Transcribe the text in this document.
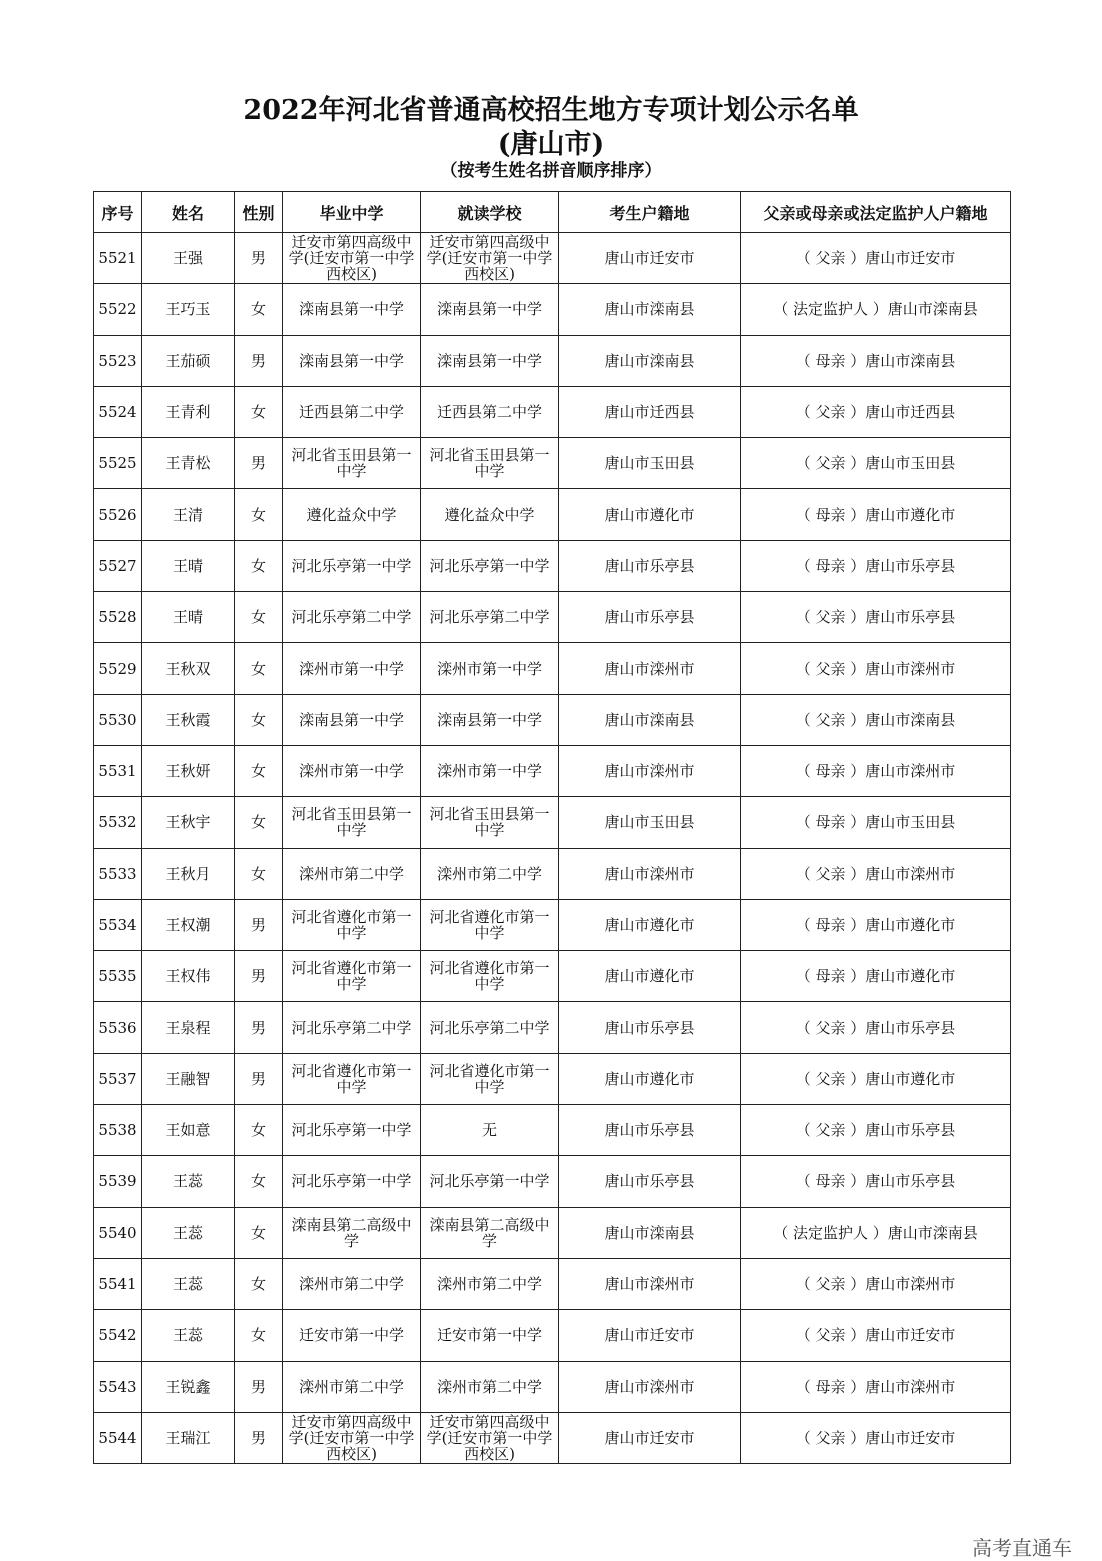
2022年河北省普通高校招生地方专项计划公示名单
(唐山市)
（按考生姓名拼音顺序排序）
序号	姓名	性别	毕业中学	就读学校	考生户籍地	父亲或母亲或法定监护人户籍地
5521	王强	男	迁安市第四高级中学(迁安市第一中学西校区)	迁安市第四高级中学(迁安市第一中学西校区)	唐山市迁安市	（ 父亲 ）唐山市迁安市
5522	王巧玉	女	滦南县第一中学	滦南县第一中学	唐山市滦南县	（ 法定监护人 ）唐山市滦南县
5523	王茄硕	男	滦南县第一中学	滦南县第一中学	唐山市滦南县	（ 母亲 ）唐山市滦南县
5524	王青利	女	迁西县第二中学	迁西县第二中学	唐山市迁西县	（ 父亲 ）唐山市迁西县
5525	王青松	男	河北省玉田县第一中学	河北省玉田县第一中学	唐山市玉田县	（ 父亲 ）唐山市玉田县
5526	王清	女	遵化益众中学	遵化益众中学	唐山市遵化市	（ 母亲 ）唐山市遵化市
5527	王晴	女	河北乐亭第一中学	河北乐亭第一中学	唐山市乐亭县	（ 母亲 ）唐山市乐亭县
5528	王晴	女	河北乐亭第二中学	河北乐亭第二中学	唐山市乐亭县	（ 父亲 ）唐山市乐亭县
5529	王秋双	女	滦州市第一中学	滦州市第一中学	唐山市滦州市	（ 父亲 ）唐山市滦州市
5530	王秋霞	女	滦南县第一中学	滦南县第一中学	唐山市滦南县	（ 父亲 ）唐山市滦南县
5531	王秋妍	女	滦州市第一中学	滦州市第一中学	唐山市滦州市	（ 母亲 ）唐山市滦州市
5532	王秋宇	女	河北省玉田县第一中学	河北省玉田县第一中学	唐山市玉田县	（ 母亲 ）唐山市玉田县
5533	王秋月	女	滦州市第二中学	滦州市第二中学	唐山市滦州市	（ 父亲 ）唐山市滦州市
5534	王权潮	男	河北省遵化市第一中学	河北省遵化市第一中学	唐山市遵化市	（ 母亲 ）唐山市遵化市
5535	王权伟	男	河北省遵化市第一中学	河北省遵化市第一中学	唐山市遵化市	（ 母亲 ）唐山市遵化市
5536	王泉程	男	河北乐亭第二中学	河北乐亭第二中学	唐山市乐亭县	（ 父亲 ）唐山市乐亭县
5537	王融智	男	河北省遵化市第一中学	河北省遵化市第一中学	唐山市遵化市	（ 父亲 ）唐山市遵化市
5538	王如意	女	河北乐亭第一中学	无	唐山市乐亭县	（ 父亲 ）唐山市乐亭县
5539	王蕊	女	河北乐亭第一中学	河北乐亭第一中学	唐山市乐亭县	（ 母亲 ）唐山市乐亭县
5540	王蕊	女	滦南县第二高级中学	滦南县第二高级中学	唐山市滦南县	（ 法定监护人 ）唐山市滦南县
5541	王蕊	女	滦州市第二中学	滦州市第二中学	唐山市滦州市	（ 父亲 ）唐山市滦州市
5542	王蕊	女	迁安市第一中学	迁安市第一中学	唐山市迁安市	（ 父亲 ）唐山市迁安市
5543	王锐鑫	男	滦州市第二中学	滦州市第二中学	唐山市滦州市	（ 母亲 ）唐山市滦州市
5544	王瑞江	男	迁安市第四高级中学(迁安市第一中学西校区)	迁安市第四高级中学(迁安市第一中学西校区)	唐山市迁安市	（ 父亲 ）唐山市迁安市
高考直通车
